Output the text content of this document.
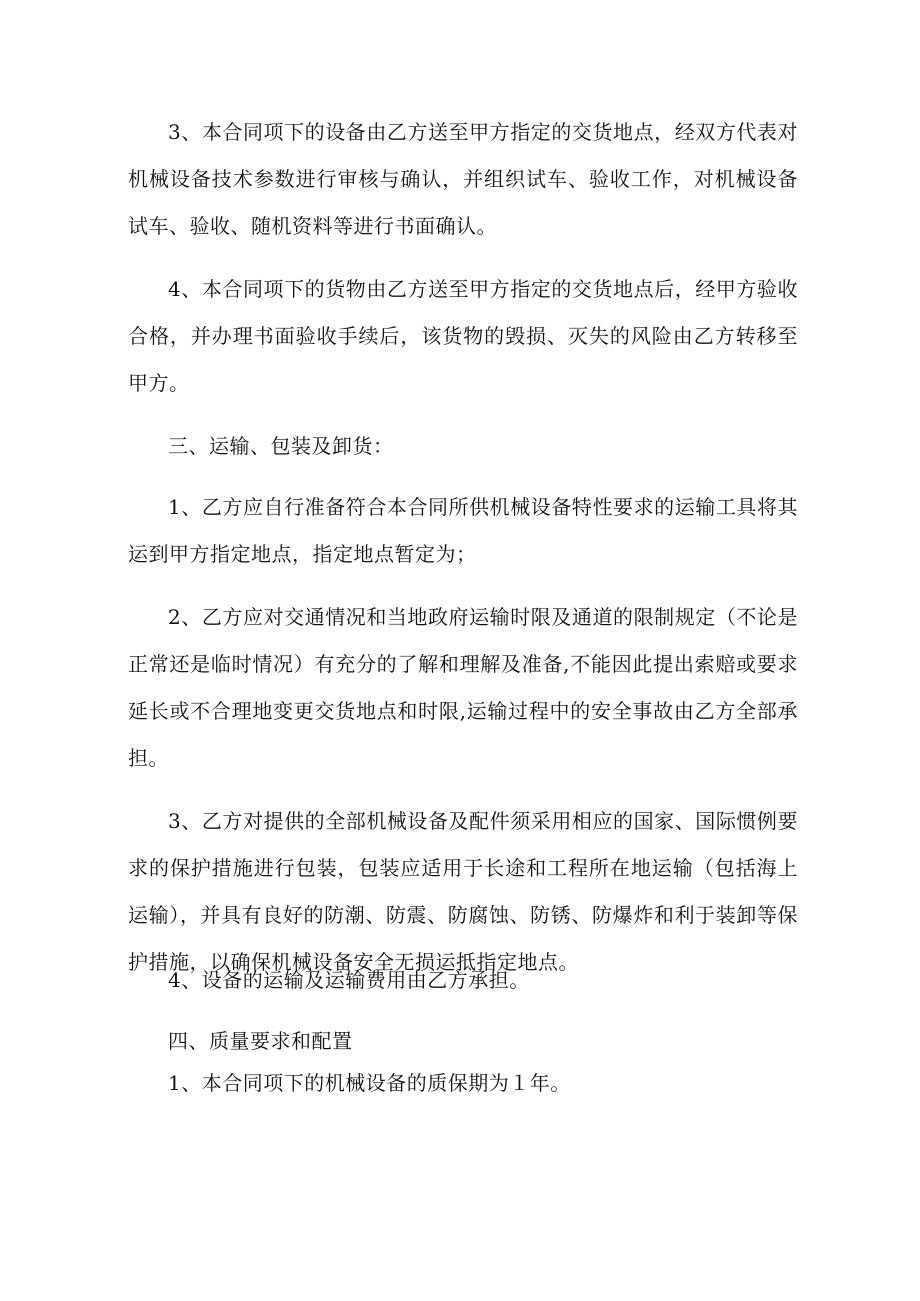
3、本合同项下的设备由乙方送至甲方指定的交货地点，经双方代表对机械设备技术参数进行审核与确认，并组织试车、验收工作，对机械设备试车、验收、随机资料等进行书面确认。

4、本合同项下的货物由乙方送至甲方指定的交货地点后，经甲方验收合格，并办理书面验收手续后，该货物的毁损、灭失的风险由乙方转移至甲方。

三、运输、包装及卸货：

1、乙方应自行准备符合本合同所供机械设备特性要求的运输工具将其运到甲方指定地点，指定地点暂定为；

2、乙方应对交通情况和当地政府运输时限及通道的限制规定（不论是正常还是临时情况）有充分的了解和理解及准备,不能因此提出索赔或要求延长或不合理地变更交货地点和时限,运输过程中的安全事故由乙方全部承担。

3、乙方对提供的全部机械设备及配件须采用相应的国家、国际惯例要求的保护措施进行包装，包装应适用于长途和工程所在地运输（包括海上运输），并具有良好的防潮、防震、防腐蚀、防锈、防爆炸和利于装卸等保护措施，以确保机械设备安全无损运抵指定地点。

4、设备的运输及运输费用由乙方承担。

四、质量要求和配置

1、本合同项下的机械设备的质保期为１年。
